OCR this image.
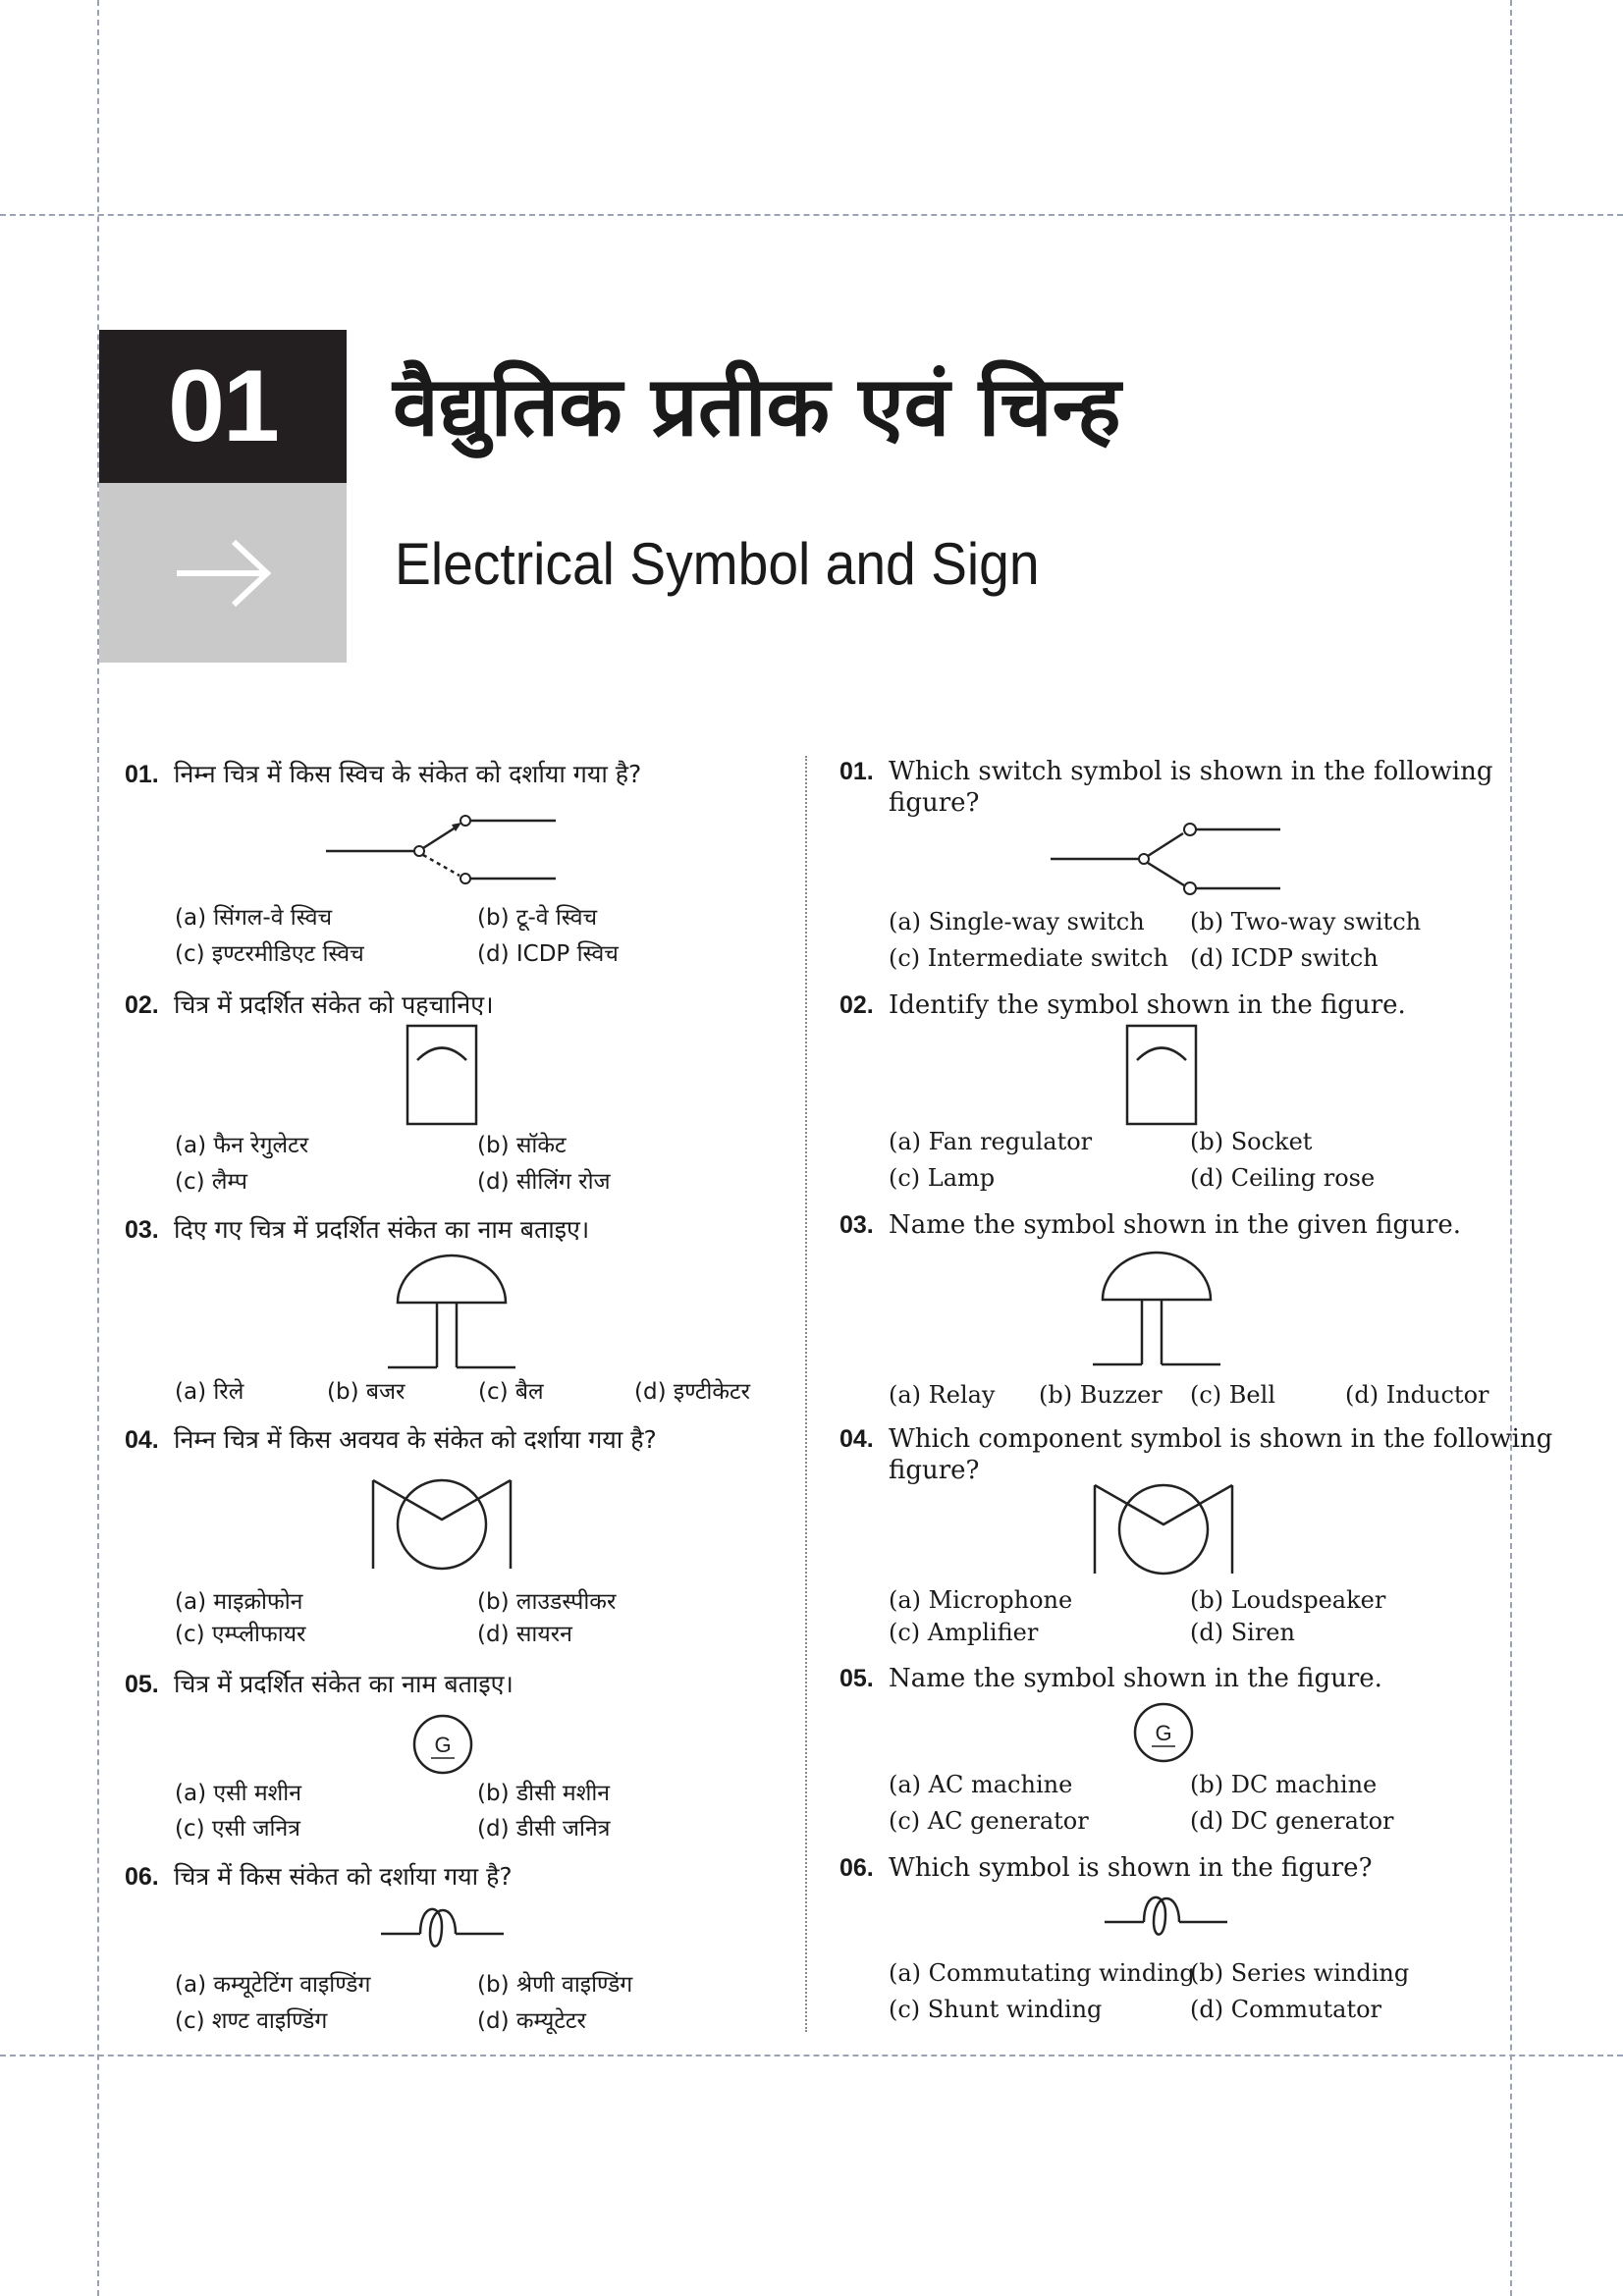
01 वैद्युतिक प्रतीक एवं चिन्ह
Electrical Symbol and Sign
01. निम्न चित्र में किस स्विच के संकेत को दर्शाया गया है?
(a) सिंगल-वे स्विच	(b) टू-वे स्विच
(c) इण्टरमीडिएट स्विच	(d) ICDP स्विच
02. चित्र में प्रदर्शित संकेत को पहचानिए।
(a) फैन रेगुलेटर	(b) सॉकेट
(c) लैम्प	(d) सीलिंग रोज
03. दिए गए चित्र में प्रदर्शित संकेत का नाम बताइए।
(a) रिले	(b) बजर	(c) बैल	(d) इण्टीकेटर
04. निम्न चित्र में किस अवयव के संकेत को दर्शाया गया है?
(a) माइक्रोफोन	(b) लाउडस्पीकर
(c) एम्प्लीफायर	(d) सायरन
05. चित्र में प्रदर्शित संकेत का नाम बताइए।
G
(a) एसी मशीन	(b) डीसी मशीन
(c) एसी जनित्र	(d) डीसी जनित्र
06. चित्र में किस संकेत को दर्शाया गया है?
(a) कम्यूटेटिंग वाइण्डिंग	(b) श्रेणी वाइण्डिंग
(c) शण्ट वाइण्डिंग	(d) कम्यूटेटर
01. Which switch symbol is shown in the following
figure?
(a) Single-way switch (b) Two-way switch
(c) Intermediate switch (d) ICDP switch
02. Identify the symbol shown in the figure.
(a) Fan regulator	(b) Socket
(c) Lamp	(d) Ceiling rose
03. Name the symbol shown in the given figure.
(a) Relay (b) Buzzer (c) Bell	(d) Inductor
04. Which component symbol is shown in the following
figure?
(a) Microphone	(b) Loudspeaker
(c) Amplifier	(d) Siren
05. Name the symbol shown in the figure.
G
(a) AC machine	(b) DC machine
(c) AC generator	(d) DC generator
06. Which symbol is shown in the figure?
(a) Commutating winding
(b) Series winding
(c) Shunt winding	(d) Commutator
